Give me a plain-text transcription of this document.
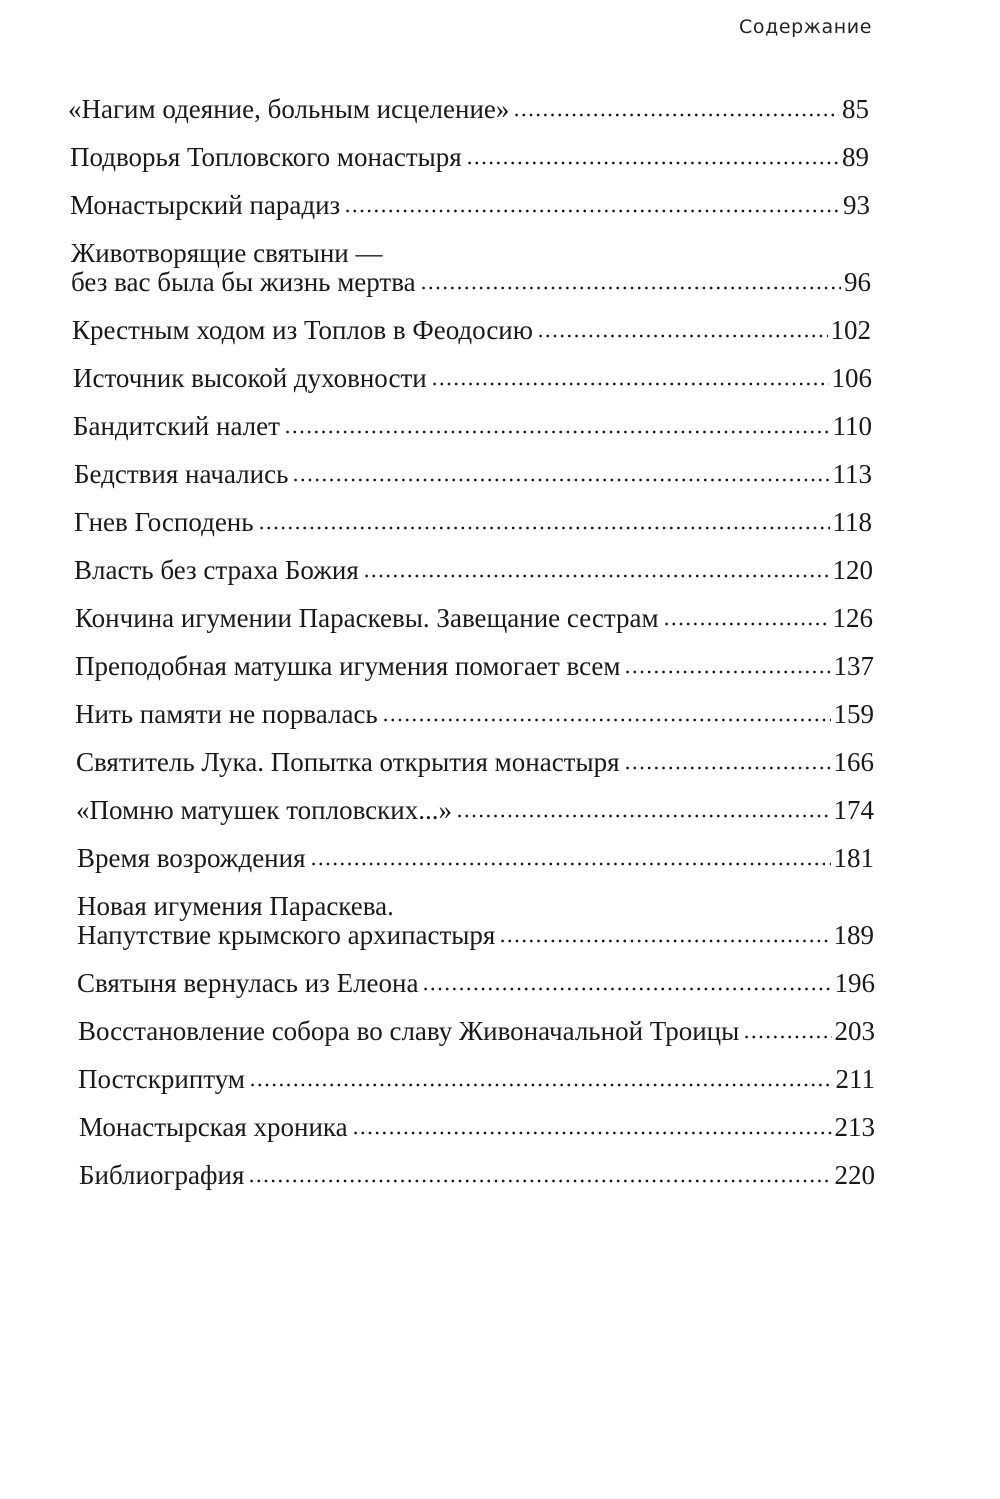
Содержание
«Нагим одеяние, больным исцеление»	85
Подворья Топловского монастыря	89
Монастырский парадиз	93
Животворящие святыни —
без вас была бы жизнь мертва	96
Крестным ходом из Топлов в Феодосию	102
Источник высокой духовности	106
Бандитский налет	110
Бедствия начались	113
Гнев Господень	118
Власть без страха Божия	120
Кончина игумении Параскевы. Завещание сестрам	126
Преподобная матушка игумения помогает всем	137
Нить памяти не порвалась	159
Святитель Лука. Попытка открытия монастыря	166
«Помню матушек топловских...»	174
Время возрождения	181
Новая игумения Параскева.
Напутствие крымского архипастыря	189
Святыня вернулась из Елеона	196
Восстановление собора во славу Живоначальной Троицы	203
Постскриптум	211
Монастырская хроника	213
Библиография	220
